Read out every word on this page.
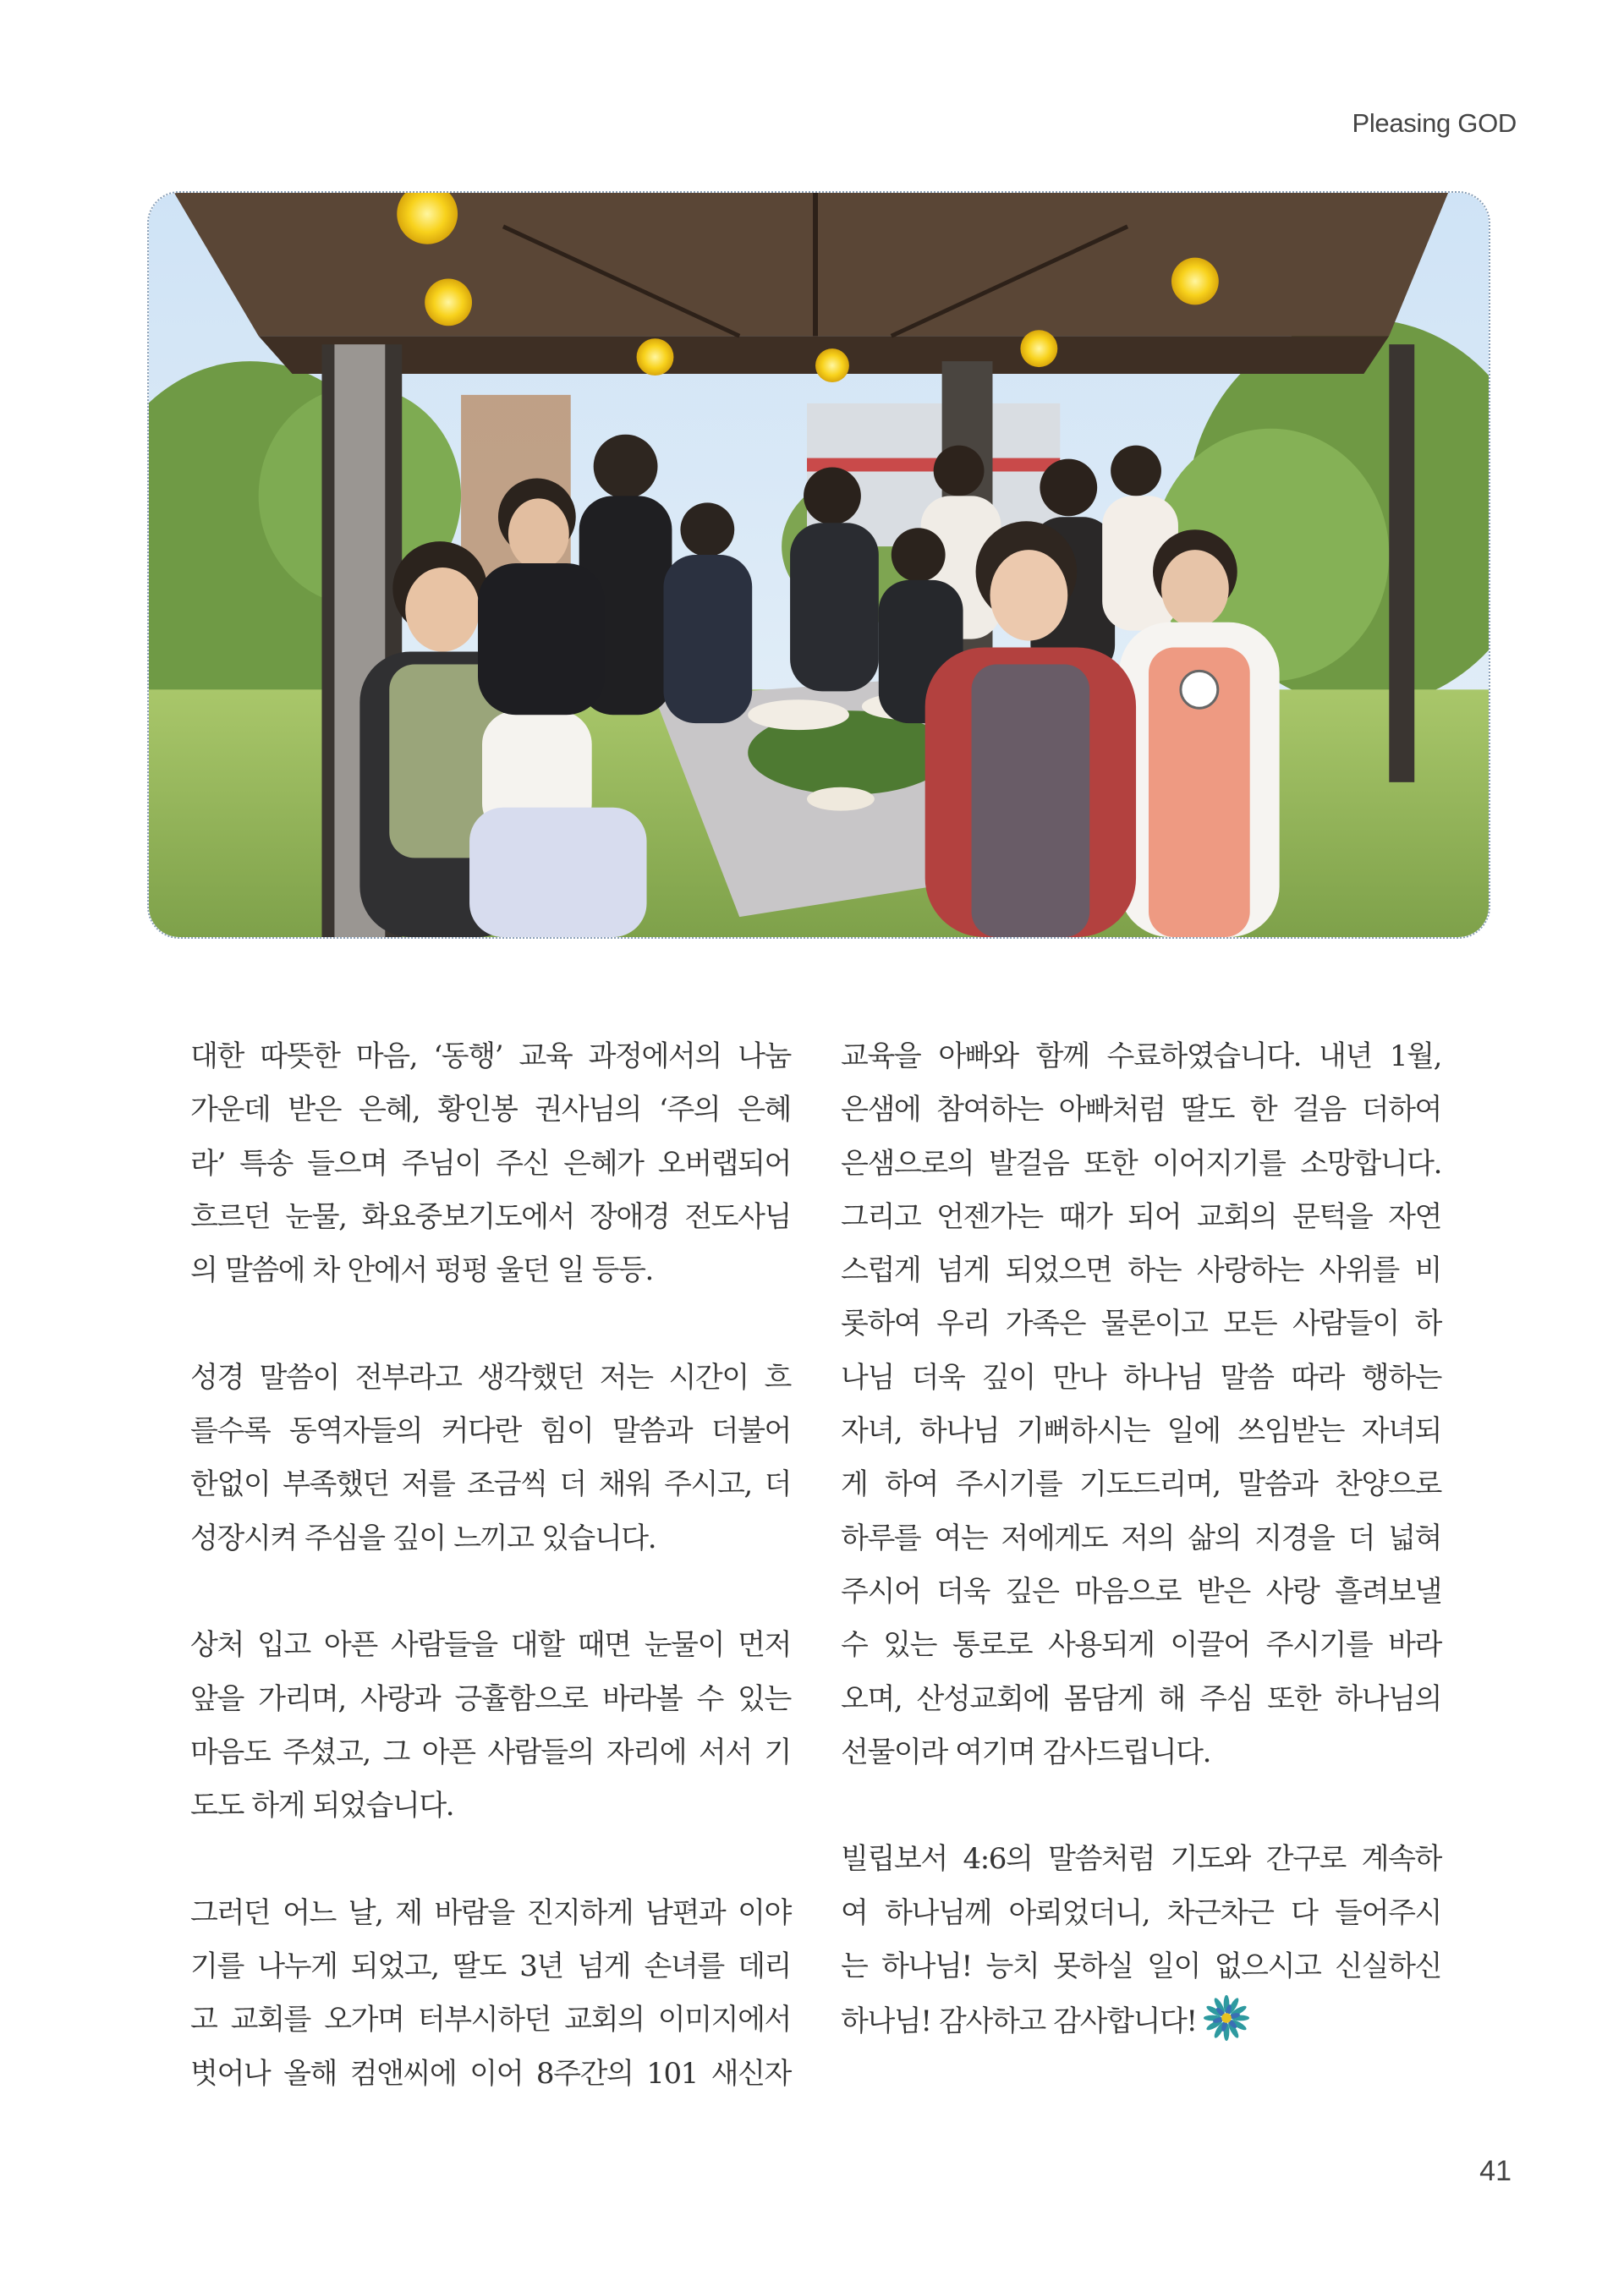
Pleasing GOD

대한 따뜻한 마음, ‘동행’ 교육 과정에서의 나눔

가운데 받은 은혜, 황인봉 권사님의 ‘주의 은혜

라’ 특송 들으며 주님이 주신 은혜가 오버랩되어

흐르던 눈물, 화요중보기도에서 장애경 전도사님

의 말씀에 차 안에서 펑펑 울던 일 등등.

성경 말씀이 전부라고 생각했던 저는 시간이 흐

를수록 동역자들의 커다란 힘이 말씀과 더불어

한없이 부족했던 저를 조금씩 더 채워 주시고, 더

성장시켜 주심을 깊이 느끼고 있습니다.

상처 입고 아픈 사람들을 대할 때면 눈물이 먼저

앞을 가리며, 사랑과 긍휼함으로 바라볼 수 있는

마음도 주셨고, 그 아픈 사람들의 자리에 서서 기

도도 하게 되었습니다.

그러던 어느 날, 제 바람을 진지하게 남편과 이야

기를 나누게 되었고, 딸도 3년 넘게 손녀를 데리

고 교회를 오가며 터부시하던 교회의 이미지에서

벗어나 올해 컴앤씨에 이어 8주간의 101 새신자

교육을 아빠와 함께 수료하였습니다. 내년 1월,

은샘에 참여하는 아빠처럼 딸도 한 걸음 더하여

은샘으로의 발걸음 또한 이어지기를 소망합니다.

그리고 언젠가는 때가 되어 교회의 문턱을 자연

스럽게 넘게 되었으면 하는 사랑하는 사위를 비

롯하여 우리 가족은 물론이고 모든 사람들이 하

나님 더욱 깊이 만나 하나님 말씀 따라 행하는

자녀, 하나님 기뻐하시는 일에 쓰임받는 자녀되

게 하여 주시기를 기도드리며, 말씀과 찬양으로

하루를 여는 저에게도 저의 삶의 지경을 더 넓혀

주시어 더욱 깊은 마음으로 받은 사랑 흘려보낼

수 있는 통로로 사용되게 이끌어 주시기를 바라

오며, 산성교회에 몸담게 해 주심 또한 하나님의

선물이라 여기며 감사드립니다.

빌립보서 4:6의 말씀처럼 기도와 간구로 계속하

여 하나님께 아뢰었더니, 차근차근 다 들어주시

는 하나님! 능치 못하실 일이 없으시고 신실하신

하나님! 감사하고 감사합니다!

41
